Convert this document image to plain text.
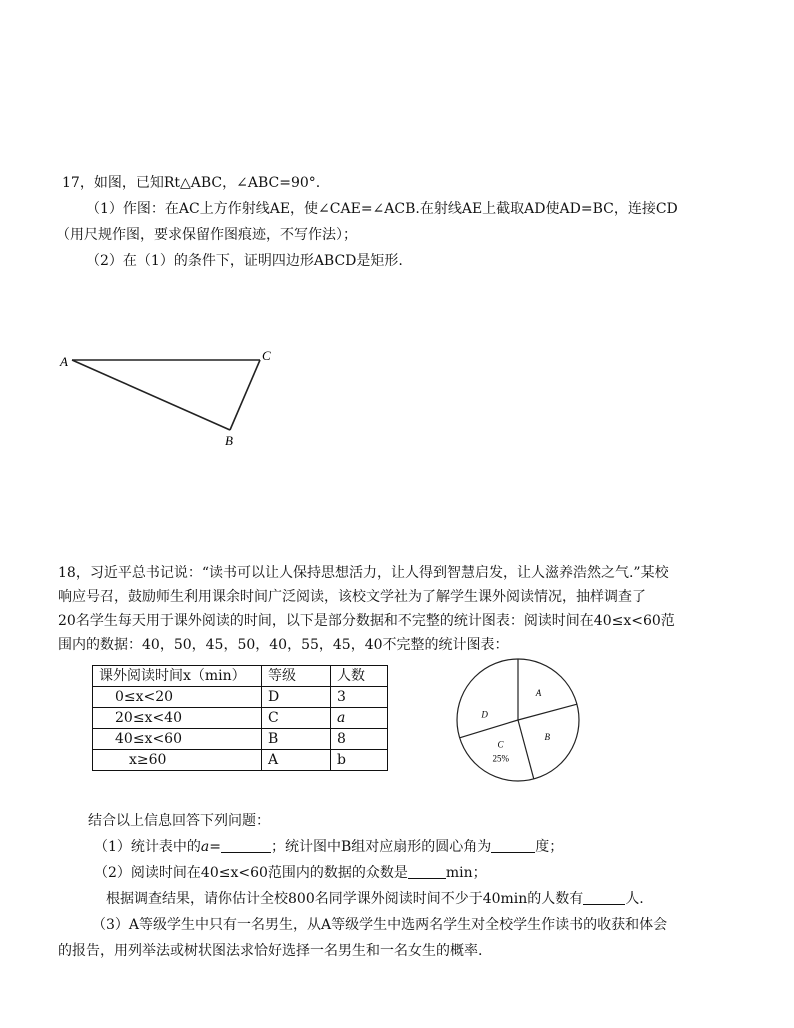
17，如图，已知Rt△ABC，∠ABC=90°.
（1）作图：在AC上方作射线AE，使∠CAE=∠ACB.在射线AE上截取AD使AD=BC，连接CD
（用尺规作图，要求保留作图痕迹，不写作法）；
（2）在（1）的条件下，证明四边形ABCD是矩形.
A	C
B
18，习近平总书记说：“读书可以让人保持思想活力，让人得到智慧启发，让人滋养浩然之气.”某校
响应号召，鼓励师生利用课余时间广泛阅读，该校文学社为了解学生课外阅读情况，抽样调查了
20名学生每天用于课外阅读的时间，以下是部分数据和不完整的统计图表：阅读时间在40≤x<60范
围内的数据：40，50，45，50，40，55，45，40不完整的统计图表：
课外阅读时间x（min）	等级	人数
0≤x<20	D	3
20≤x<40	C	a
40≤x<60	B	8
x≥60	A	b
A
B
C
25%
D
结合以上信息回答下列问题：
（1）统计表中的a=	；统计图中B组对应扇形的圆心角为	度；
（2）阅读时间在40≤x<60范围内的数据的众数是	min；
根据调查结果，请你估计全校800名同学课外阅读时间不少于40min的人数有	人.
（3）A等级学生中只有一名男生，从A等级学生中选两名学生对全校学生作读书的收获和体会
的报告，用列举法或树状图法求恰好选择一名男生和一名女生的概率.
